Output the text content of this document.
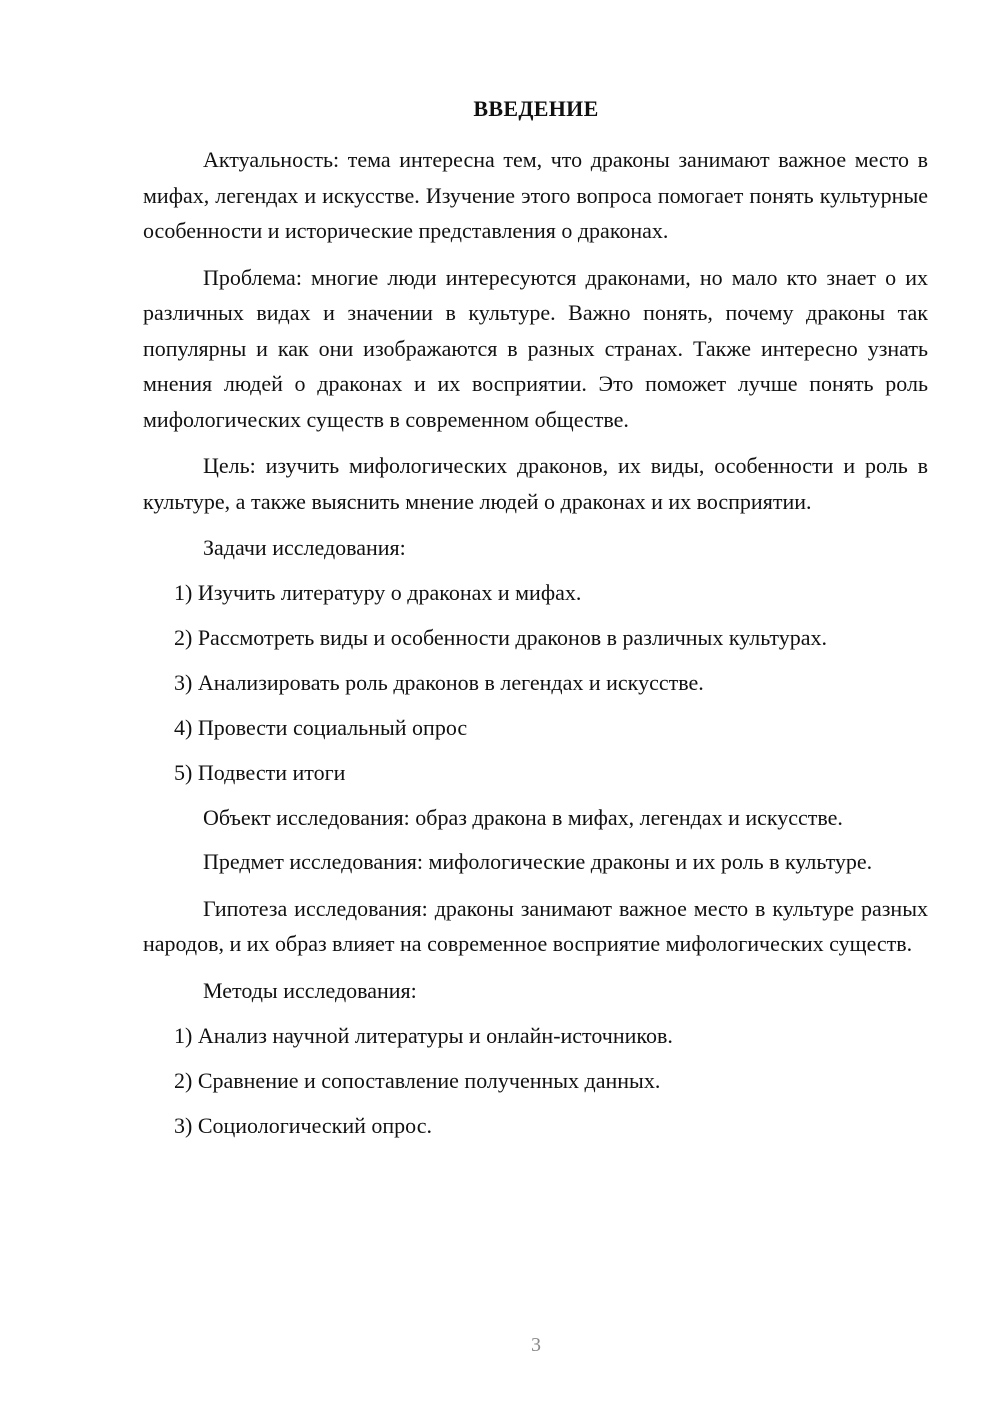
ВВЕДЕНИЕ

Актуальность: тема интересна тем, что драконы занимают важное место в мифах, легендах и искусстве. Изучение этого вопроса помогает понять культурные особенности и исторические представления о драконах.

Проблема: многие люди интересуются драконами, но мало кто знает о их различных видах и значении в культуре. Важно понять, почему драконы так популярны и как они изображаются в разных странах. Также интересно узнать мнения людей о драконах и их восприятии. Это поможет лучше понять роль мифологических существ в современном обществе.

Цель: изучить мифологических драконов, их виды, особенности и роль в культуре, а также выяснить мнение людей о драконах и их восприятии.

Задачи исследования:

1) Изучить литературу о драконах и мифах.
2) Рассмотреть виды и особенности драконов в различных культурах.
3) Анализировать роль драконов в легендах и искусстве.
4) Провести социальный опрос
5) Подвести итоги

Объект исследования: образ дракона в мифах, легендах и искусстве.

Предмет исследования: мифологические драконы и их роль в культуре.

Гипотеза исследования: драконы занимают важное место в культуре разных народов, и их образ влияет на современное восприятие мифологических существ.

Методы исследования:

1) Анализ научной литературы и онлайн-источников.
2) Сравнение и сопоставление полученных данных.
3) Социологический опрос.
3
